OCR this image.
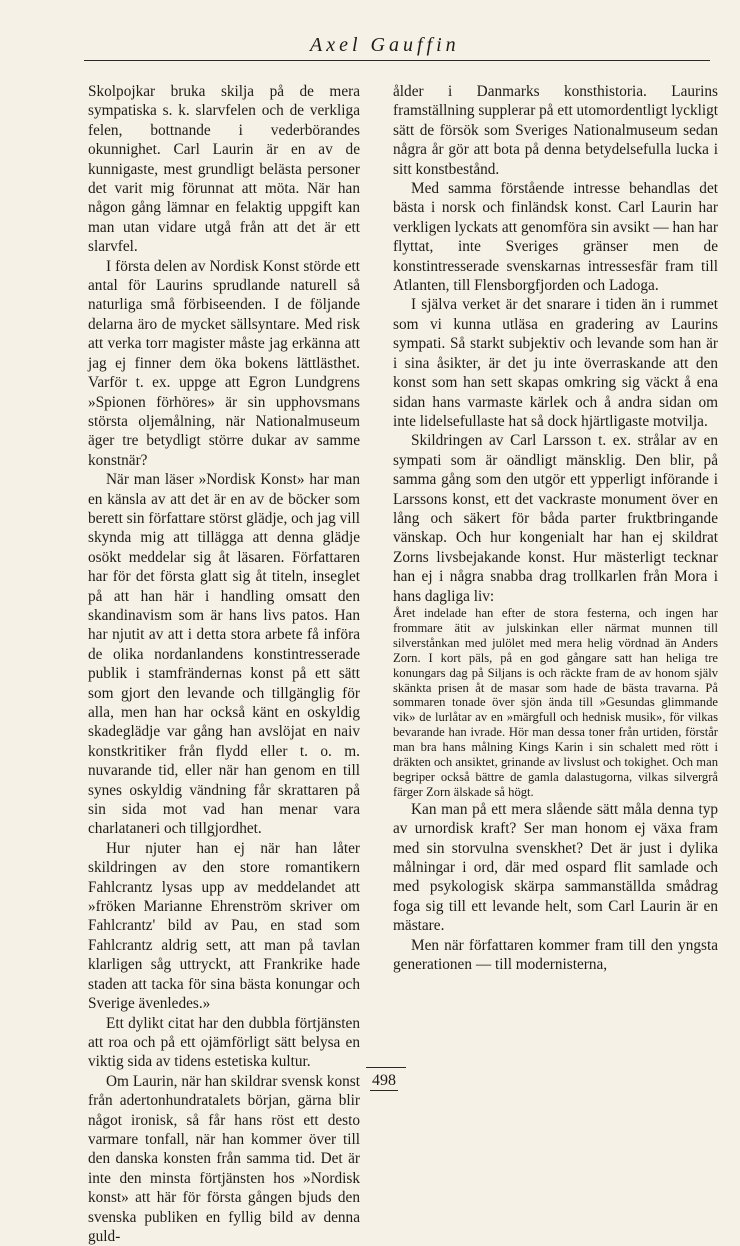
Axel Gauffin

Skolpojkar bruka skilja på de mera sympatiska s. k. slarvfelen och de verkliga felen, bottnande i vederbörandes okunnighet. Carl Laurin är en av de kunnigaste, mest grundligt belästa personer det varit mig förunnat att möta. När han någon gång lämnar en felaktig uppgift kan man utan vidare utgå från att det är ett slarvfel.

I första delen av Nordisk Konst störde ett antal för Laurins sprudlande naturell så naturliga små förbiseenden. I de följande delarna äro de mycket sällsyntare. Med risk att verka torr magister måste jag erkänna att jag ej finner dem öka bokens lättlästhet. Varför t. ex. uppge att Egron Lundgrens »Spionen förhöres» är sin upphovsmans största oljemålning, när Nationalmuseum äger tre betydligt större dukar av samme konstnär?

När man läser »Nordisk Konst» har man en känsla av att det är en av de böcker som berett sin författare störst glädje, och jag vill skynda mig att tillägga att denna glädje osökt meddelar sig åt läsaren. Författaren har för det första glatt sig åt titeln, inseglet på att han här i handling omsatt den skandinavism som är hans livs patos. Han har njutit av att i detta stora arbete få införa de olika nordanlandens konstintresserade publik i stamfrändernas konst på ett sätt som gjort den levande och tillgänglig för alla, men han har också känt en oskyldig skadeglädje var gång han avslöjat en naiv konstkritiker från flydd eller t. o. m. nuvarande tid, eller när han genom en till synes oskyldig vändning får skrattaren på sin sida mot vad han menar vara charlataneri och tillgjordhet.

Hur njuter han ej när han låter skildringen av den store romantikern Fahlcrantz lysas upp av meddelandet att »fröken Marianne Ehrenström skriver om Fahlcrantz' bild av Pau, en stad som Fahlcrantz aldrig sett, att man på tavlan klarligen såg uttryckt, att Frankrike hade staden att tacka för sina bästa konungar och Sverige ävenledes.»

Ett dylikt citat har den dubbla förtjänsten att roa och på ett ojämförligt sätt belysa en viktig sida av tidens estetiska kultur.

Om Laurin, när han skildrar svensk konst från adertonhundratalets början, gärna blir något ironisk, så får hans röst ett desto varmare tonfall, när han kommer över till den danska konsten från samma tid. Det är inte den minsta förtjänsten hos »Nordisk konst» att här för första gången bjuds den svenska publiken en fyllig bild av denna guld-

ålder i Danmarks konsthistoria. Laurins framställning supplerar på ett utomordentligt lyckligt sätt de försök som Sveriges Nationalmuseum sedan några år gör att bota på denna betydelsefulla lucka i sitt konstbestånd.

Med samma förstående intresse behandlas det bästa i norsk och finländsk konst. Carl Laurin har verkligen lyckats att genomföra sin avsikt — han har flyttat, inte Sveriges gränser men de konstintresserade svenskarnas intressesfär fram till Atlanten, till Flensborgfjorden och Ladoga.

I själva verket är det snarare i tiden än i rummet som vi kunna utläsa en gradering av Laurins sympati. Så starkt subjektiv och levande som han är i sina åsikter, är det ju inte överraskande att den konst som han sett skapas omkring sig väckt å ena sidan hans varmaste kärlek och å andra sidan om inte lidelsefullaste hat så dock hjärtligaste motvilja.

Skildringen av Carl Larsson t. ex. strålar av en sympati som är oändligt mänsklig. Den blir, på samma gång som den utgör ett ypperligt införande i Larssons konst, ett det vackraste monument över en lång och säkert för båda parter fruktbringande vänskap. Och hur kongenialt har han ej skildrat Zorns livsbejakande konst. Hur mästerligt tecknar han ej i några snabba drag trollkarlen från Mora i hans dagliga liv:

Året indelade han efter de stora festerna, och ingen har frommare ätit av julskinkan eller närmat munnen till silverstånkan med julölet med mera helig vördnad än Anders Zorn. I kort päls, på en god gångare satt han heliga tre konungars dag på Siljans is och räckte fram de av honom själv skänkta prisen åt de masar som hade de bästa travarna. På sommaren tonade över sjön ända till »Gesundas glimmande vik» de lurlåtar av en »märgfull och hednisk musik», för vilkas bevarande han ivrade. Hör man dessa toner från urtiden, förstår man bra hans målning Kings Karin i sin schalett med rött i dräkten och ansiktet, grinande av livslust och tokighet. Och man begriper också bättre de gamla dalastugorna, vilkas silvergrå färger Zorn älskade så högt.

Kan man på ett mera slående sätt måla denna typ av urnordisk kraft? Ser man honom ej växa fram med sin storvulna svenskhet? Det är just i dylika målningar i ord, där med ospard flit samlade och med psykologisk skärpa sammanställda smådrag foga sig till ett levande helt, som Carl Laurin är en mästare.

Men när författaren kommer fram till den yngsta generationen — till modernisterna,

498
